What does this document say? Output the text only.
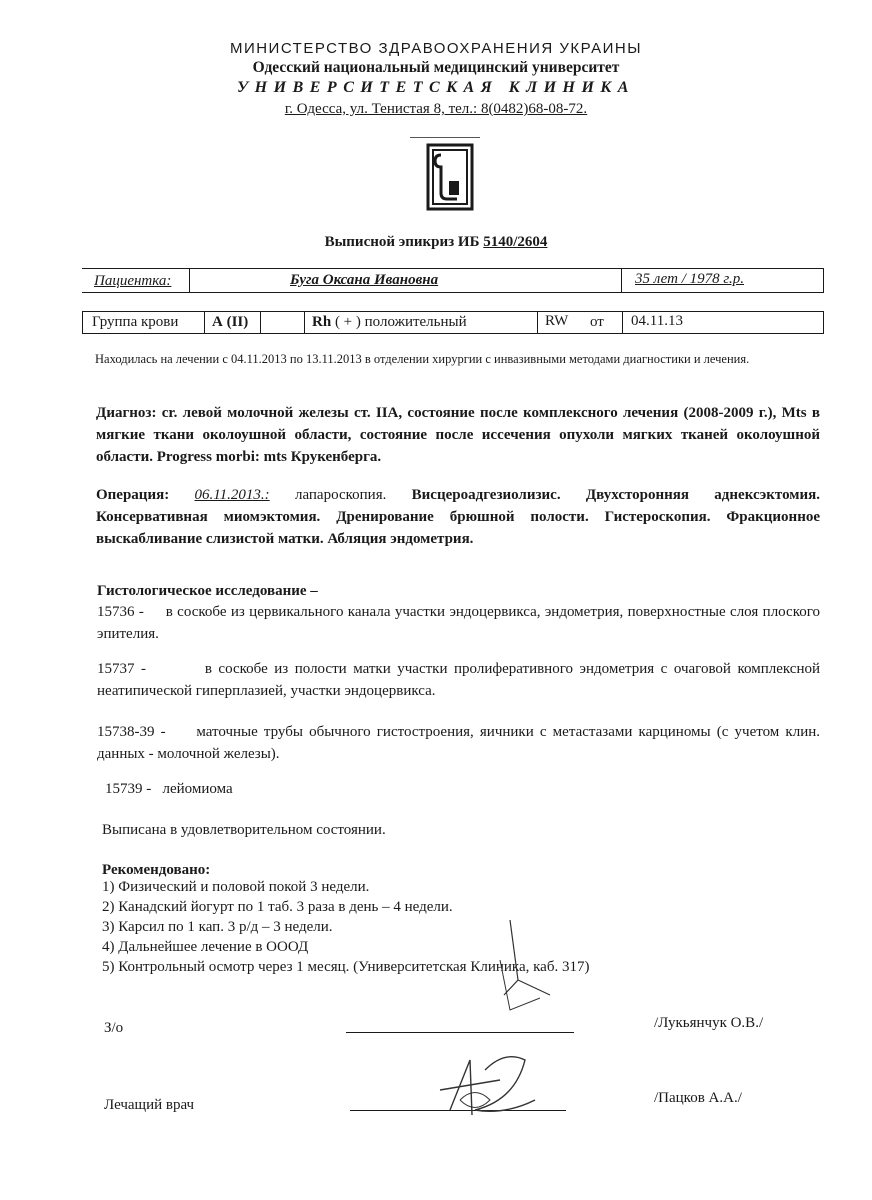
МИНИСТЕРСТВО ЗДРАВООХРАНЕНИЯ УКРАИНЫ
Одесский национальный медицинский университет
УНИВЕРСИТЕТСКАЯ КЛИНИКА
г. Одесса, ул. Тенистая 8, тел.: 8(0482)68-08-72.
Выписной эпикриз ИБ 5140/2604
Пациентка:	Буга Оксана Ивановна	35 лет / 1978 г.р.
Группа крови А (II)	Rh ( + ) положительный	RW от 04.11.13
Находилась на лечении с 04.11.2013 по 13.11.2013 в отделении хирургии с инвазивными методами диагностики и лечения.
Диагноз: cr. левой молочной железы ст. IIА, состояние после комплексного лечения (2008-2009 г.), Mts в мягкие ткани околоушной области, состояние после иссечения опухоли мягких тканей околоушной области. Progress morbi: mts Крукенберга.
Операция: 06.11.2013.: лапароскопия. Висцероадгезиолизис. Двухсторонняя аднексэктомия. Консервативная миомэктомия. Дренирование брюшной полости. Гистероскопия. Фракционное выскабливание слизистой матки. Абляция эндометрия.
Гистологическое исследование –
15736 - в соскобе из цервикального канала участки эндоцервикса, эндометрия, поверхностные слоя плоского эпителия.
15737 -	в соскобе из полости матки участки пролиферативного эндометрия с очаговой комплексной неатипической гиперплазией, участки эндоцервикса.
15738-39 - маточные трубы обычного гистостроения, яичники с метастазами карциномы (с учетом клин. данных - молочной железы).
15739 - лейомиома
Выписана в удовлетворительном состоянии.
Рекомендовано:
1) Физический и половой покой 3 недели.
2) Канадский йогурт по 1 таб. 3 раза в день – 4 недели.
3) Карсил по 1 кап. 3 р/д – 3 недели.
4) Дальнейшее лечение в ОООД
5) Контрольный осмотр через 1 месяц. (Университетская Клиника, каб. 317)
З/о	/Лукьянчук О.В./
Лечащий врач	/Пацков А.А./
